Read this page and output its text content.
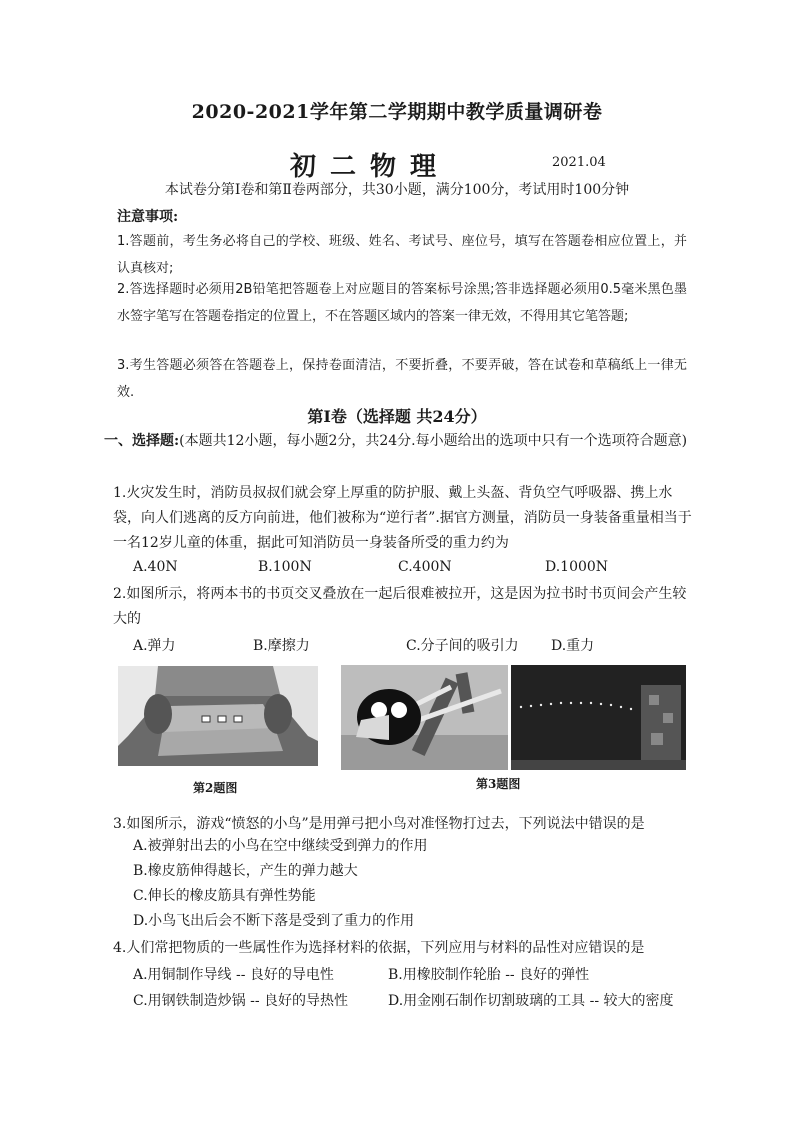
2020-2021学年第二学期期中教学质量调研卷
初二物理	2021.04
本试卷分第Ⅰ卷和第Ⅱ卷两部分，共30小题，满分100分，考试用时100分钟
注意事项:
1.答题前，考生务必将自己的学校、班级、姓名、考试号、座位号，填写在答题卷相应位置上，并认真核对;
2.答选择题时必须用2B铅笔把答题卷上对应题目的答案标号涂黑;答非选择题必须用0.5毫米黑色墨水签字笔写在答题卷指定的位置上，不在答题区域内的答案一律无效，不得用其它笔答题;
3.考生答题必须答在答题卷上，保持卷面清洁，不要折叠，不要弄破，答在试卷和草稿纸上一律无效.
第Ⅰ卷（选择题 共24分）
一、选择题:(本题共12小题，每小题2分，共24分.每小题给出的选项中只有一个选项符合题意)
1.火灾发生时，消防员叔叔们就会穿上厚重的防护服、戴上头盔、背负空气呼吸器、携上水袋，向人们逃离的反方向前进，他们被称为“逆行者”.据官方测量，消防员一身装备重量相当于一名12岁儿童的体重，据此可知消防员一身装备所受的重力约为
A.40N	B.100N	C.400N	D.1000N
2.如图所示，将两本书的书页交叉叠放在一起后很难被拉开，这是因为拉书时书页间会产生较大的
A.弹力	B.摩擦力	C.分子间的吸引力	D.重力
第2题图	第3题图
3.如图所示，游戏“愤怒的小鸟”是用弹弓把小鸟对准怪物打过去，下列说法中错误的是
A.被弹射出去的小鸟在空中继续受到弹力的作用
B.橡皮筋伸得越长，产生的弹力越大
C.伸长的橡皮筋具有弹性势能
D.小鸟飞出后会不断下落是受到了重力的作用
4.人们常把物质的一些属性作为选择材料的依据，下列应用与材料的品性对应错误的是
A.用铜制作导线 -- 良好的导电性	B.用橡胶制作轮胎 -- 良好的弹性
C.用钢铁制造炒锅 -- 良好的导热性	D.用金刚石制作切割玻璃的工具 -- 较大的密度
